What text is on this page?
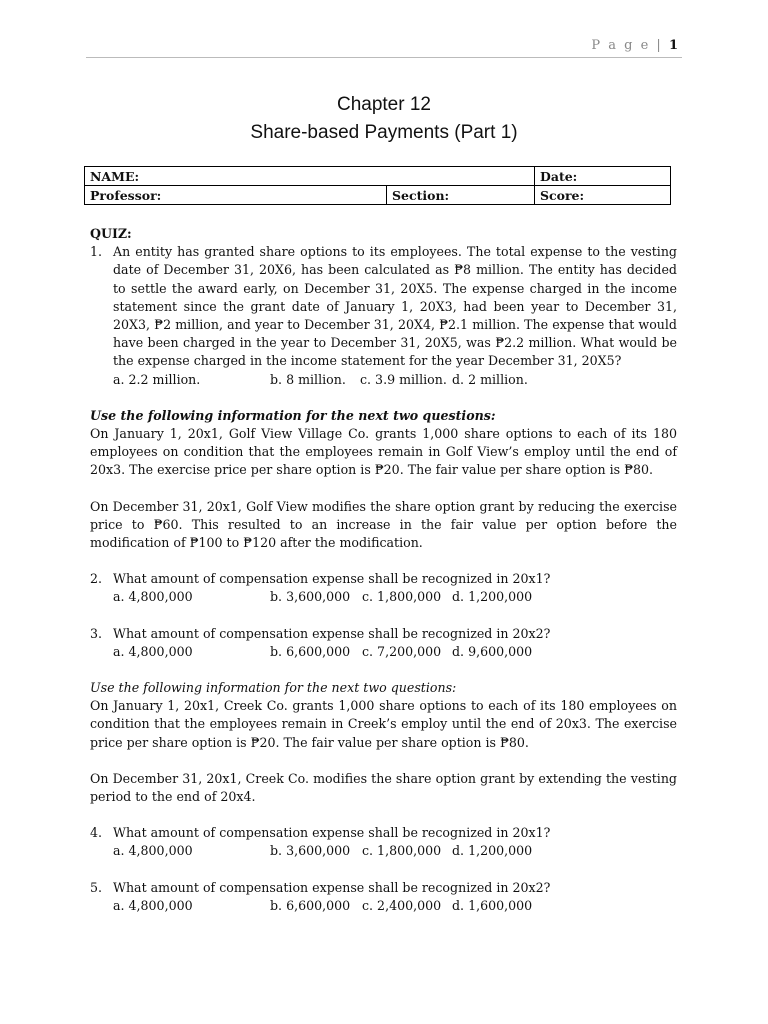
P a g e | 1
Chapter 12
Share-based Payments (Part 1)
NAME:		Date:
Professor:	Section:	Score:

QUIZ:

1. An entity has granted share options to its employees. The total expense to the vesting date of December 31, 20X6, has been calculated as ₱8 million. The entity has decided to settle the award early, on December 31, 20X5. The expense charged in the income statement since the grant date of January 1, 20X3, had been year to December 31, 20X3, ₱2 million, and year to December 31, 20X4, ₱2.1 million. The expense that would have been charged in the year to December 31, 20X5, was ₱2.2 million. What would be the expense charged in the income statement for the year December 31, 20X5?
a. 2.2 million.	b. 8 million.	c. 3.9 million. d. 2 million.

Use the following information for the next two questions:

On January 1, 20x1, Golf View Village Co. grants 1,000 share options to each of its 180 employees on condition that the employees remain in Golf View’s employ until the end of 20x3. The exercise price per share option is ₱20. The fair value per share option is ₱80.

On December 31, 20x1, Golf View modifies the share option grant by reducing the exercise price to ₱60. This resulted to an increase in the fair value per option before the modification of ₱100 to ₱120 after the modification.

2. What amount of compensation expense shall be recognized in 20x1?
a. 4,800,000	b. 3,600,000 c. 1,800,000 d. 1,200,000
3. What amount of compensation expense shall be recognized in 20x2?
a. 4,800,000	b. 6,600,000 c. 7,200,000 d. 9,600,000

Use the following information for the next two questions:

On January 1, 20x1, Creek Co. grants 1,000 share options to each of its 180 employees on condition that the employees remain in Creek’s employ until the end of 20x3. The exercise price per share option is ₱20. The fair value per share option is ₱80.

On December 31, 20x1, Creek Co. modifies the share option grant by extending the vesting period to the end of 20x4.

4. What amount of compensation expense shall be recognized in 20x1?
a. 4,800,000	b. 3,600,000 c. 1,800,000 d. 1,200,000
5. What amount of compensation expense shall be recognized in 20x2?
a. 4,800,000	b. 6,600,000 c. 2,400,000 d. 1,600,000
